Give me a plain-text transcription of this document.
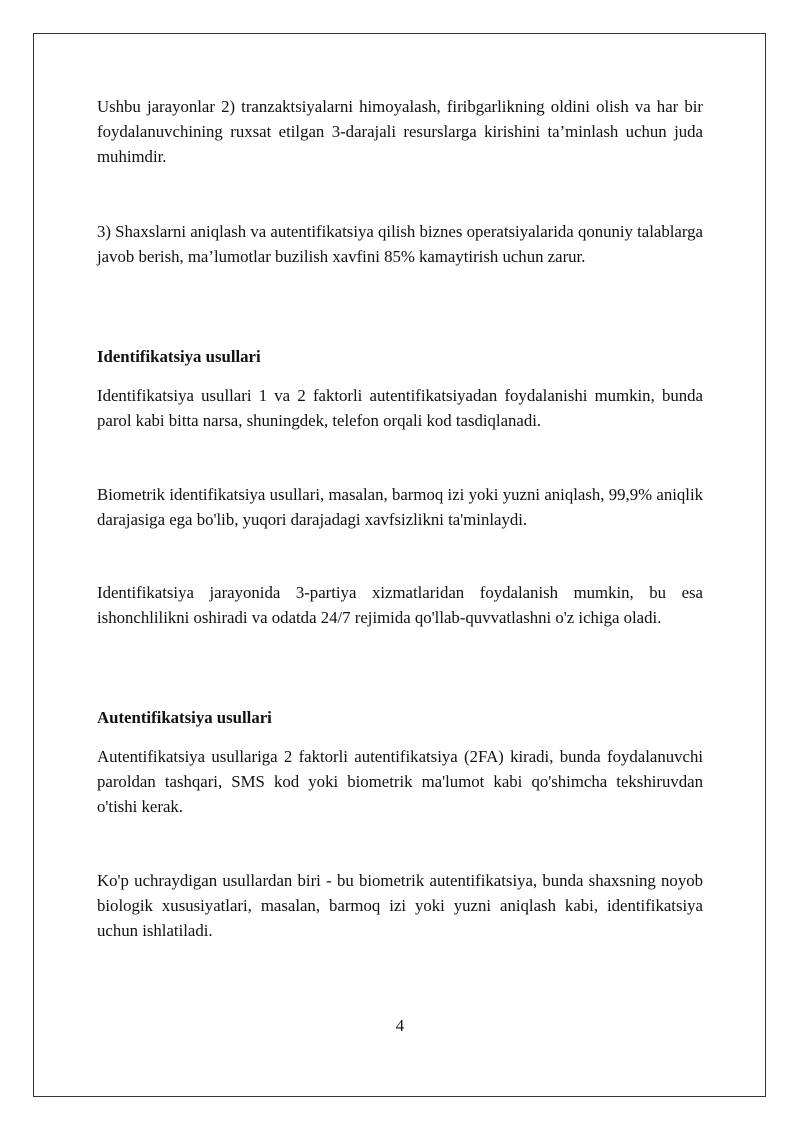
Ushbu jarayonlar 2) tranzaktsiyalarni himoyalash, firibgarlikning oldini olish va har bir foydalanuvchining ruxsat etilgan 3-darajali resurslarga kirishini ta’minlash uchun juda muhimdir.

3) Shaxslarni aniqlash va autentifikatsiya qilish biznes operatsiyalarida qonuniy talablarga javob berish, ma’lumotlar buzilish xavfini 85% kamaytirish uchun zarur.

Identifikatsiya usullari

Identifikatsiya usullari 1 va 2 faktorli autentifikatsiyadan foydalanishi mumkin, bunda parol kabi bitta narsa, shuningdek, telefon orqali kod tasdiqlanadi.

Biometrik identifikatsiya usullari, masalan, barmoq izi yoki yuzni aniqlash, 99,9% aniqlik darajasiga ega bo'lib, yuqori darajadagi xavfsizlikni ta'minlaydi.

Identifikatsiya jarayonida 3-partiya xizmatlaridan foydalanish mumkin, bu esa ishonchlilikni oshiradi va odatda 24/7 rejimida qo'llab-quvvatlashni o'z ichiga oladi.

Autentifikatsiya usullari

Autentifikatsiya usullariga 2 faktorli autentifikatsiya (2FA) kiradi, bunda foydalanuvchi paroldan tashqari, SMS kod yoki biometrik ma'lumot kabi qo'shimcha tekshiruvdan o'tishi kerak.

Ko'p uchraydigan usullardan biri - bu biometrik autentifikatsiya, bunda shaxsning noyob biologik xususiyatlari, masalan, barmoq izi yoki yuzni aniqlash kabi, identifikatsiya uchun ishlatiladi.

4
